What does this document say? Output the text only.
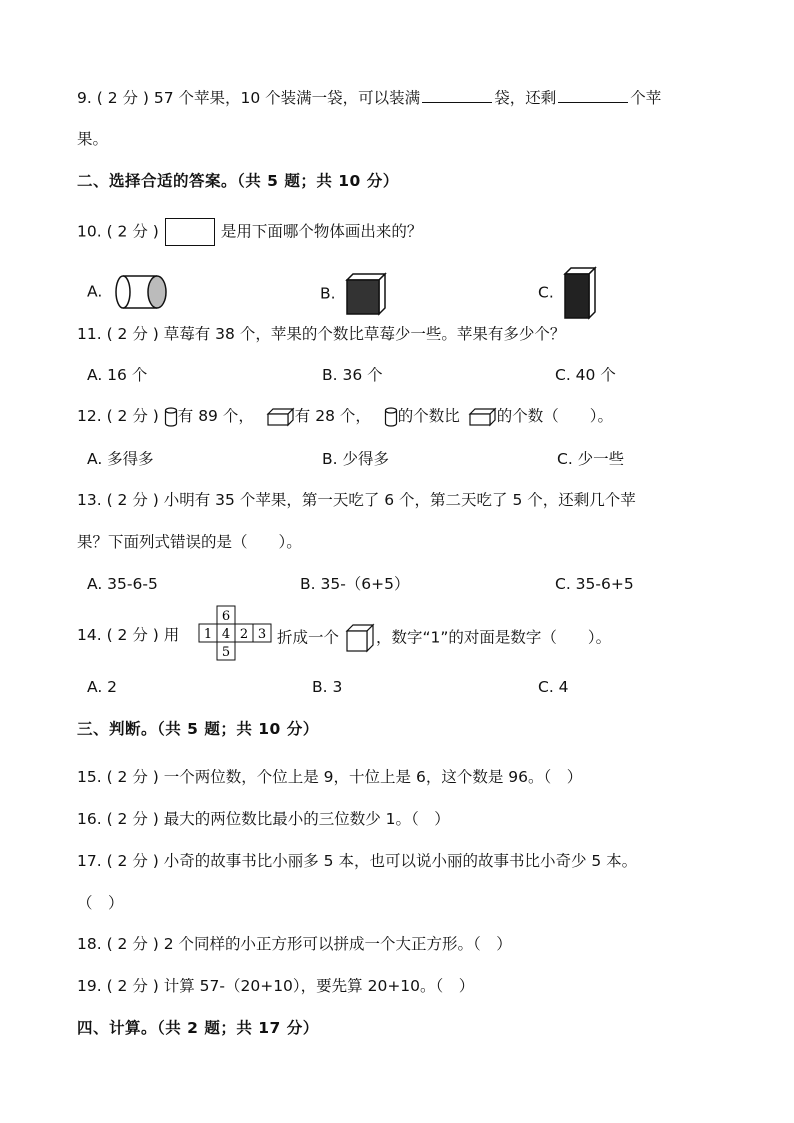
9. ( 2 分 ) 57 个苹果，10 个装满一袋，可以装满	袋，还剩	个苹
果。
二、选择合适的答案。（共 5 题；共 10 分）
10. ( 2 分 )	是用下面哪个物体画出来的？
A.	B.	C.
11. ( 2 分 ) 草莓有 38 个，苹果的个数比草莓少一些。苹果有多少个？
A. 16 个	B. 36 个	C. 40 个
12. ( 2 分 ) 有 89 个，	有 28 个， 的个数比 的个数（　　）。
A. 多得多	B. 少得多	C. 少一些
13. ( 2 分 ) 小明有 35 个苹果，第一天吃了 6 个，第二天吃了 5 个，还剩几个苹
果？下面列式错误的是（　　）。
A. 35-6-5	B. 35-（6+5）	C. 35-6+5
14. ( 2 分 ) 用
6
1 4 2 3
5
折成一个 ，数字“1”的对面是数字（　　）。
A. 2	B. 3	C. 4
三、判断。（共 5 题；共 10 分）
15. ( 2 分 ) 一个两位数，个位上是 9，十位上是 6，这个数是 96。（　）
16. ( 2 分 ) 最大的两位数比最小的三位数少 1。（　）
17. ( 2 分 ) 小奇的故事书比小丽多 5 本，也可以说小丽的故事书比小奇少 5 本。
（　）
18. ( 2 分 ) 2 个同样的小正方形可以拼成一个大正方形。（　）
19. ( 2 分 ) 计算 57-（20+10），要先算 20+10。（　）
四、计算。（共 2 题；共 17 分）
